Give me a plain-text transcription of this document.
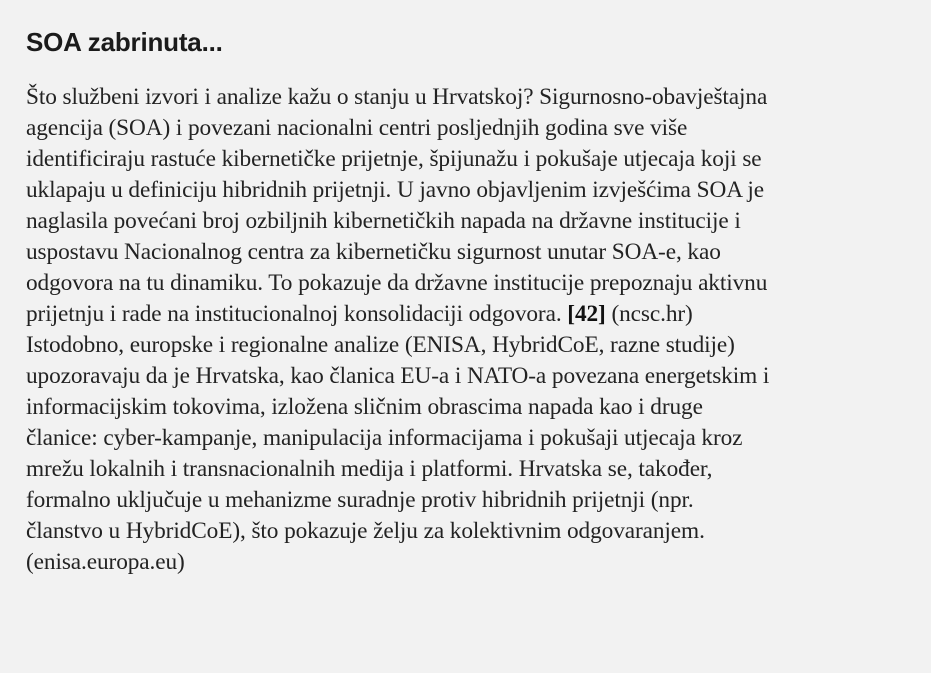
SOA zabrinuta...
Što službeni izvori i analize kažu o stanju u Hrvatskoj? Sigurnosno-obavještajna
agencija (SOA) i povezani nacionalni centri posljednjih godina sve više
identificiraju rastuće kibernetičke prijetnje, špijunažu i pokušaje utjecaja koji se
uklapaju u definiciju hibridnih prijetnji. U javno objavljenim izvješćima SOA je
naglasila povećani broj ozbiljnih kibernetičkih napada na državne institucije i
uspostavu Nacionalnog centra za kibernetičku sigurnost unutar SOA-e, kao
odgovora na tu dinamiku. To pokazuje da državne institucije prepoznaju aktivnu
prijetnju i rade na institucionalnoj konsolidaciji odgovora. [42] (ncsc.hr)
Istodobno, europske i regionalne analize (ENISA, HybridCoE, razne studije)
upozoravaju da je Hrvatska, kao članica EU-a i NATO-a povezana energetskim i
informacijskim tokovima, izložena sličnim obrascima napada kao i druge
članice: cyber-kampanje, manipulacija informacijama i pokušaji utjecaja kroz
mrežu lokalnih i transnacionalnih medija i platformi. Hrvatska se, također,
formalno uključuje u mehanizme suradnje protiv hibridnih prijetnji (npr.
članstvo u HybridCoE), što pokazuje želju za kolektivnim odgovaranjem.
(enisa.europa.eu)
